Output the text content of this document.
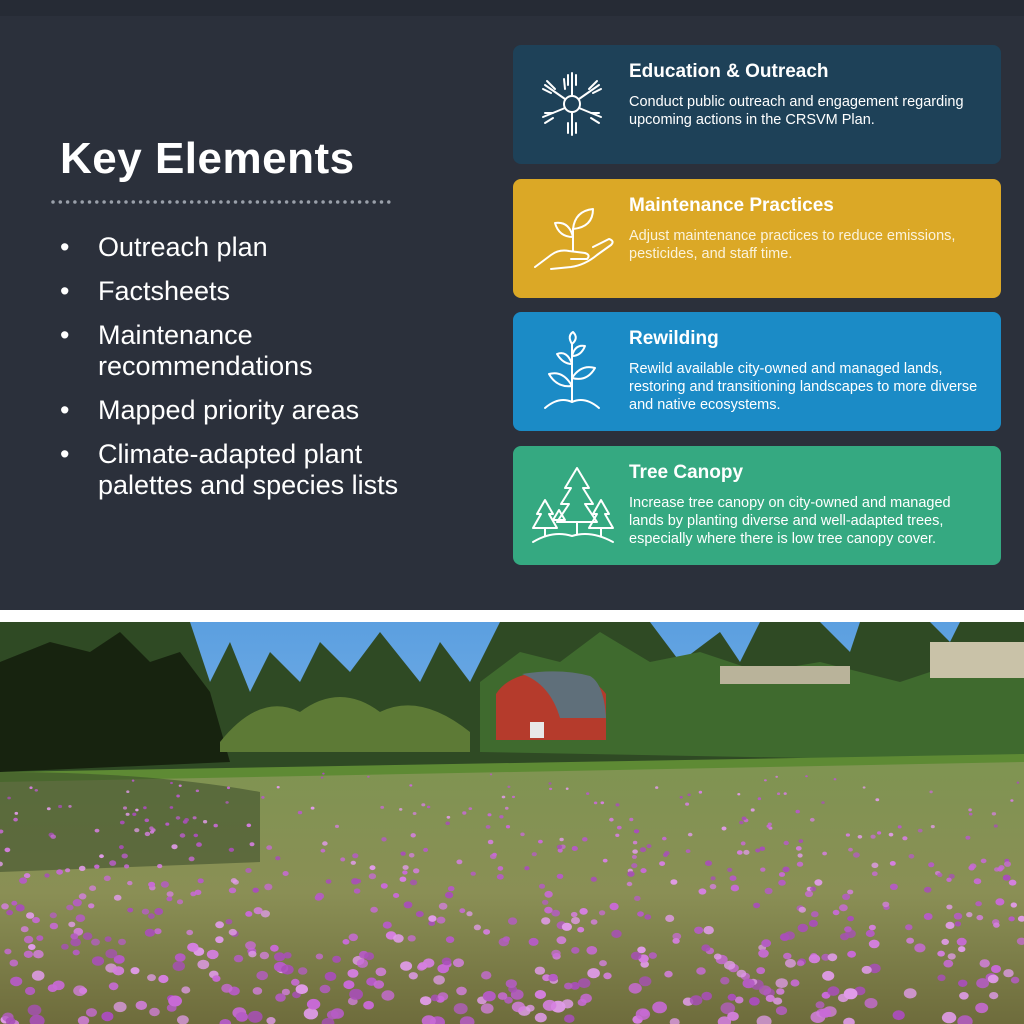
Key Elements
• Outreach plan
• Factsheets
• Maintenance recommendations
• Mapped priority areas
• Climate-adapted plant palettes and species lists
Education & Outreach
Conduct public outreach and engagement regarding upcoming actions in the CRSVM Plan.
Maintenance Practices
Adjust maintenance practices to reduce emissions, pesticides, and staff time.
Rewilding
Rewild available city-owned and managed lands, restoring and transitioning landscapes to more diverse and native ecosystems.
Tree Canopy
Increase tree canopy on city-owned and managed lands by planting diverse and well-adapted trees, especially where there is low tree canopy cover.
